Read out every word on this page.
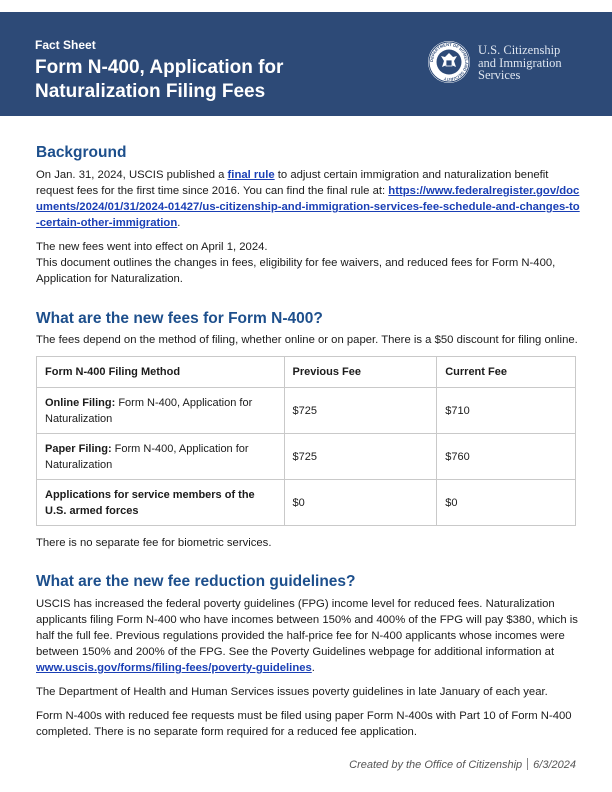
Fact Sheet
Form N-400, Application for Naturalization Filing Fees
DEPARTMENT OF HOMELAND SECURITY
U.S. Citizenship
and Immigration
Services
Background
On Jan. 31, 2024, USCIS published a final rule to adjust certain immigration and naturalization benefit request fees for the first time since 2016. You can find the final rule at: https://www.federalregister.gov/documents/2024/01/31/2024-01427/us-citizenship-and-immigration-services-fee-schedule-and-changes-to-certain-other-immigration.
The new fees went into effect on April 1, 2024.
This document outlines the changes in fees, eligibility for fee waivers, and reduced fees for Form N-400, Application for Naturalization.
What are the new fees for Form N-400?
The fees depend on the method of filing, whether online or on paper. There is a $50 discount for filing online.
Form N-400 Filing Method	Previous Fee	Current Fee
Online Filing: Form N-400, Application for Naturalization	$725	$710
Paper Filing: Form N-400, Application for Naturalization	$725	$760
Applications for service members of the U.S. armed forces	$0	$0
There is no separate fee for biometric services.
What are the new fee reduction guidelines?
USCIS has increased the federal poverty guidelines (FPG) income level for reduced fees. Naturalization applicants filing Form N-400 who have incomes between 150% and 400% of the FPG will pay $380, which is half the full fee. Previous regulations provided the half-price fee for N-400 applicants whose incomes were between 150% and 200% of the FPG. See the Poverty Guidelines webpage for additional information at www.uscis.gov/forms/filing-fees/poverty-guidelines.
The Department of Health and Human Services issues poverty guidelines in late January of each year.
Form N-400s with reduced fee requests must be filed using paper Form N-400s with Part 10 of Form N-400 completed. There is no separate form required for a reduced fee application.
Created by the Office of Citizenship 6/3/2024
